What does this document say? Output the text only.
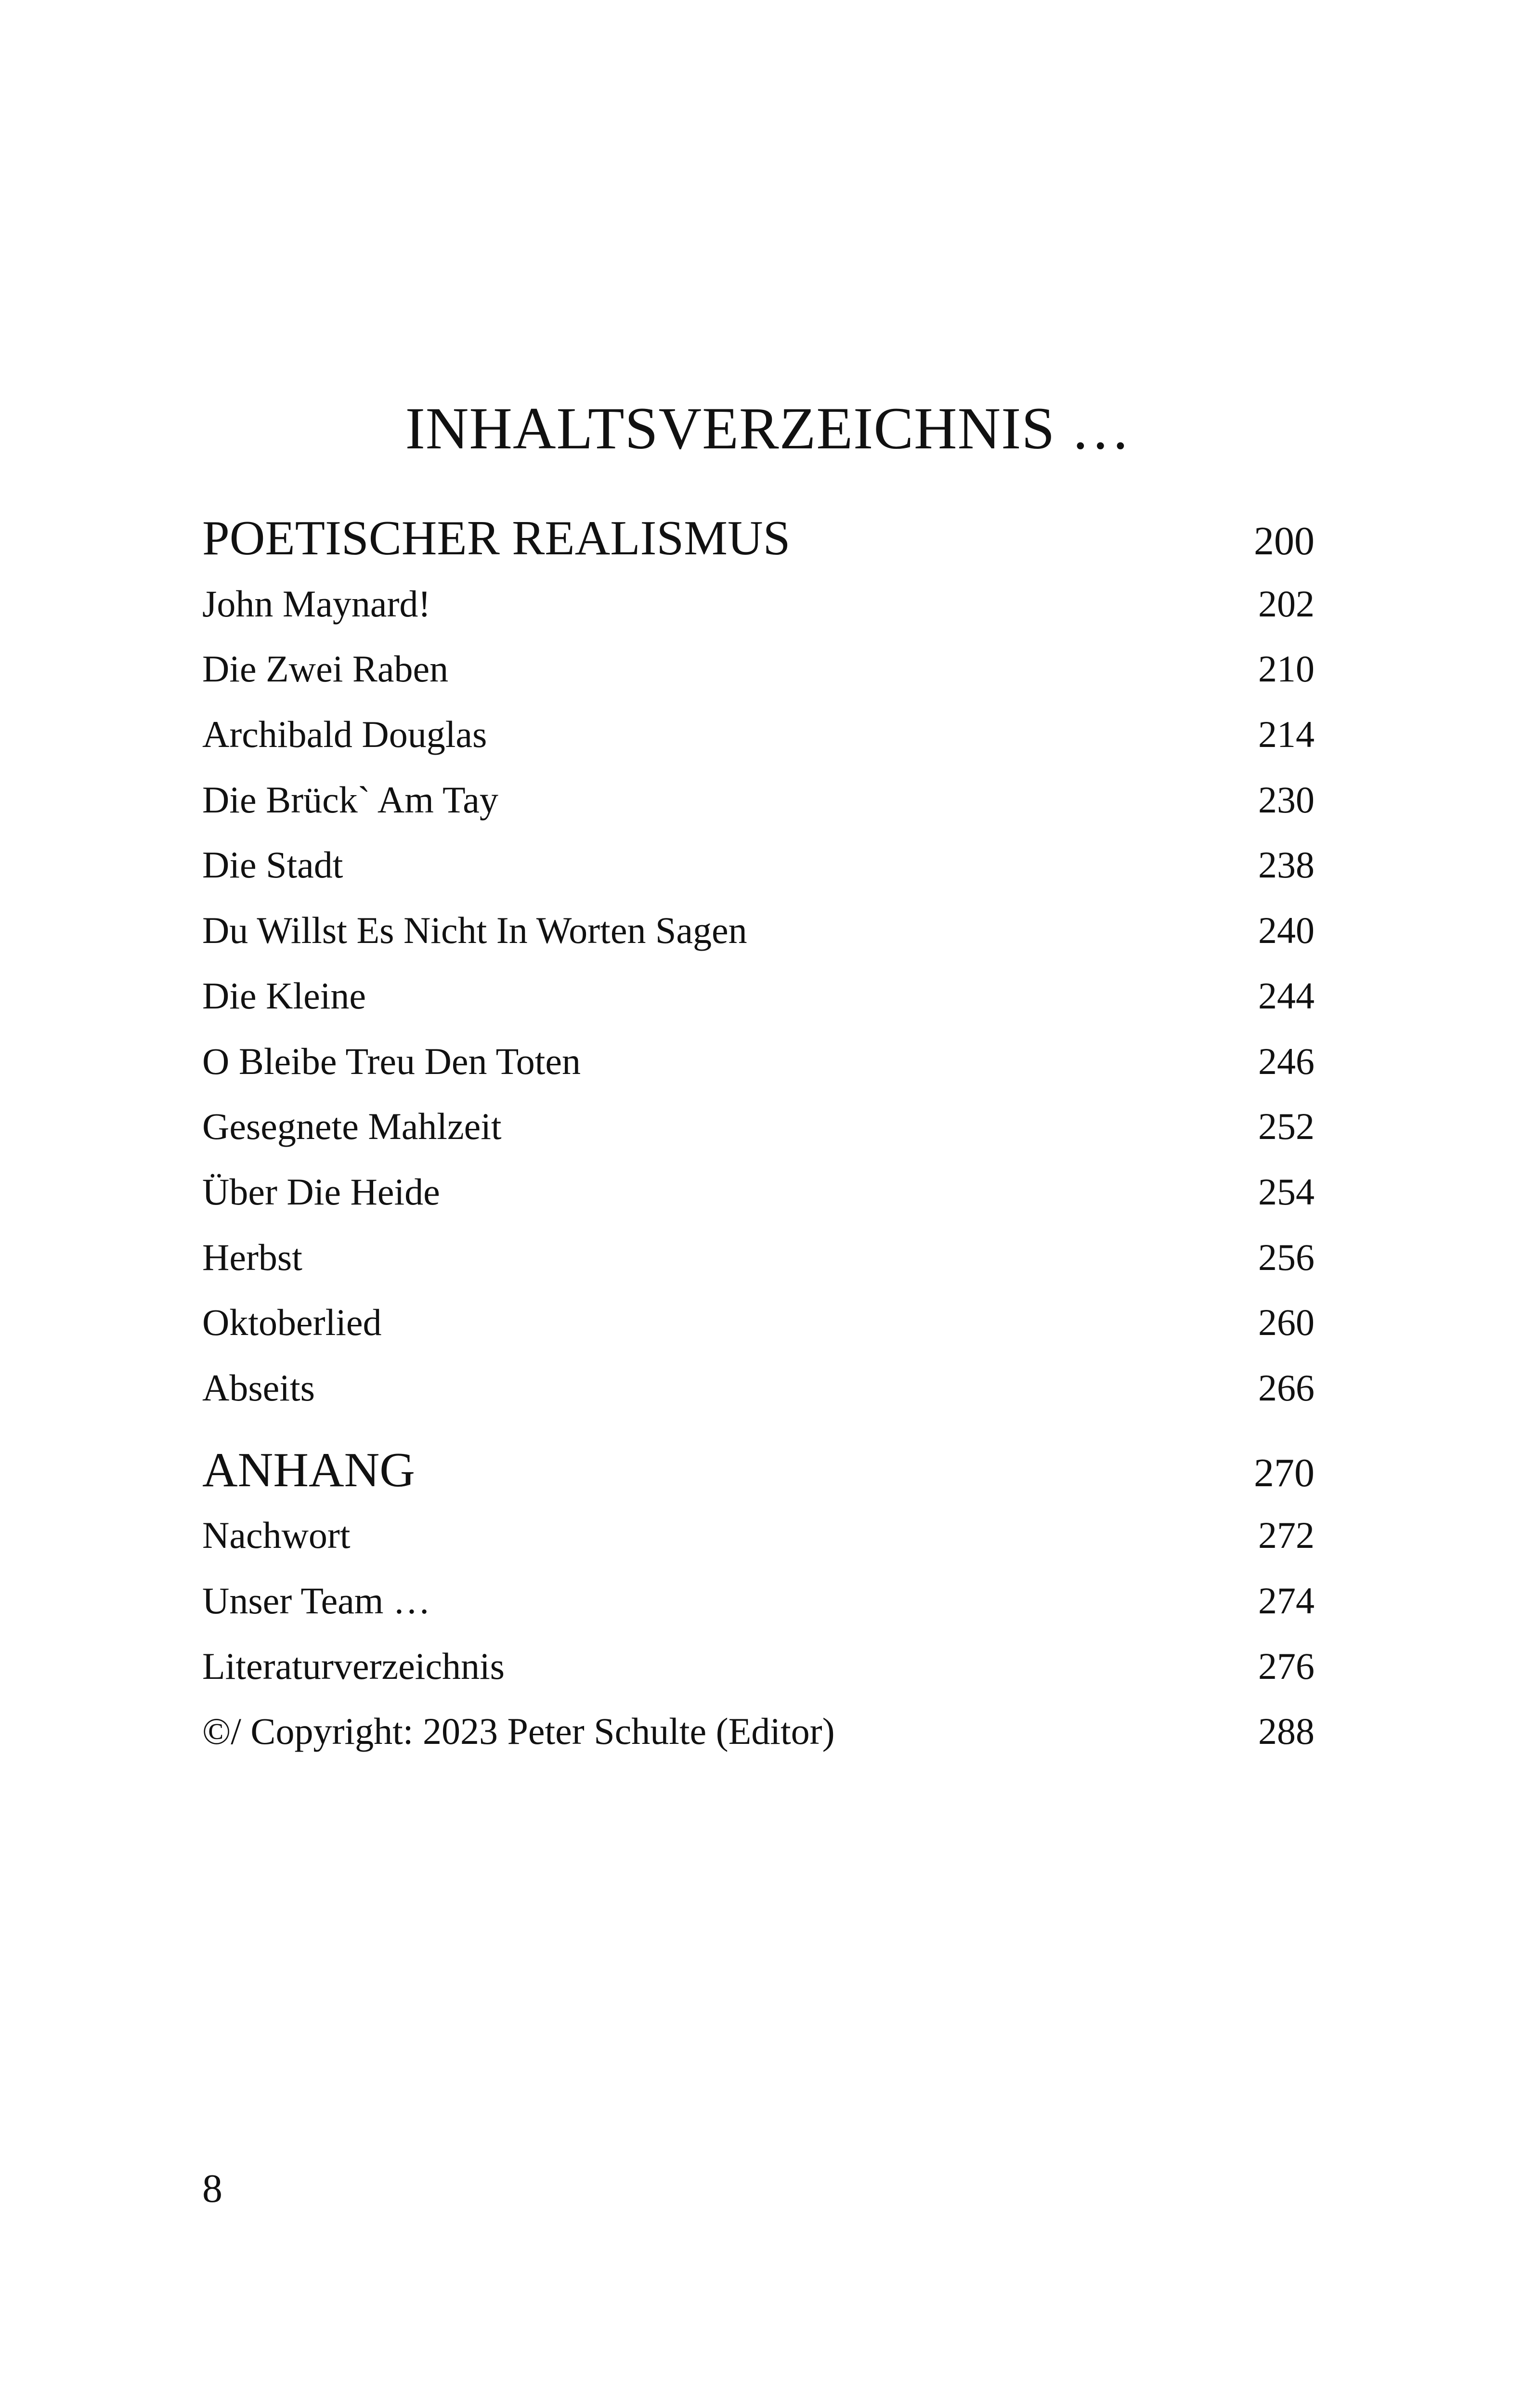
INHALTSVERZEICHNIS …
POETISCHER REALISMUS	200
John Maynard!	202
Die Zwei Raben	210
Archibald Douglas	214
Die Brück` Am Tay	230
Die Stadt	238
Du Willst Es Nicht In Worten Sagen	240
Die Kleine	244
O Bleibe Treu Den Toten	246
Gesegnete Mahlzeit	252
Über Die Heide	254
Herbst	256
Oktoberlied	260
Abseits	266
ANHANG	270
Nachwort	272
Unser Team …	274
Literaturverzeichnis	276
©/ Copyright: 2023 Peter Schulte (Editor)	288
8
